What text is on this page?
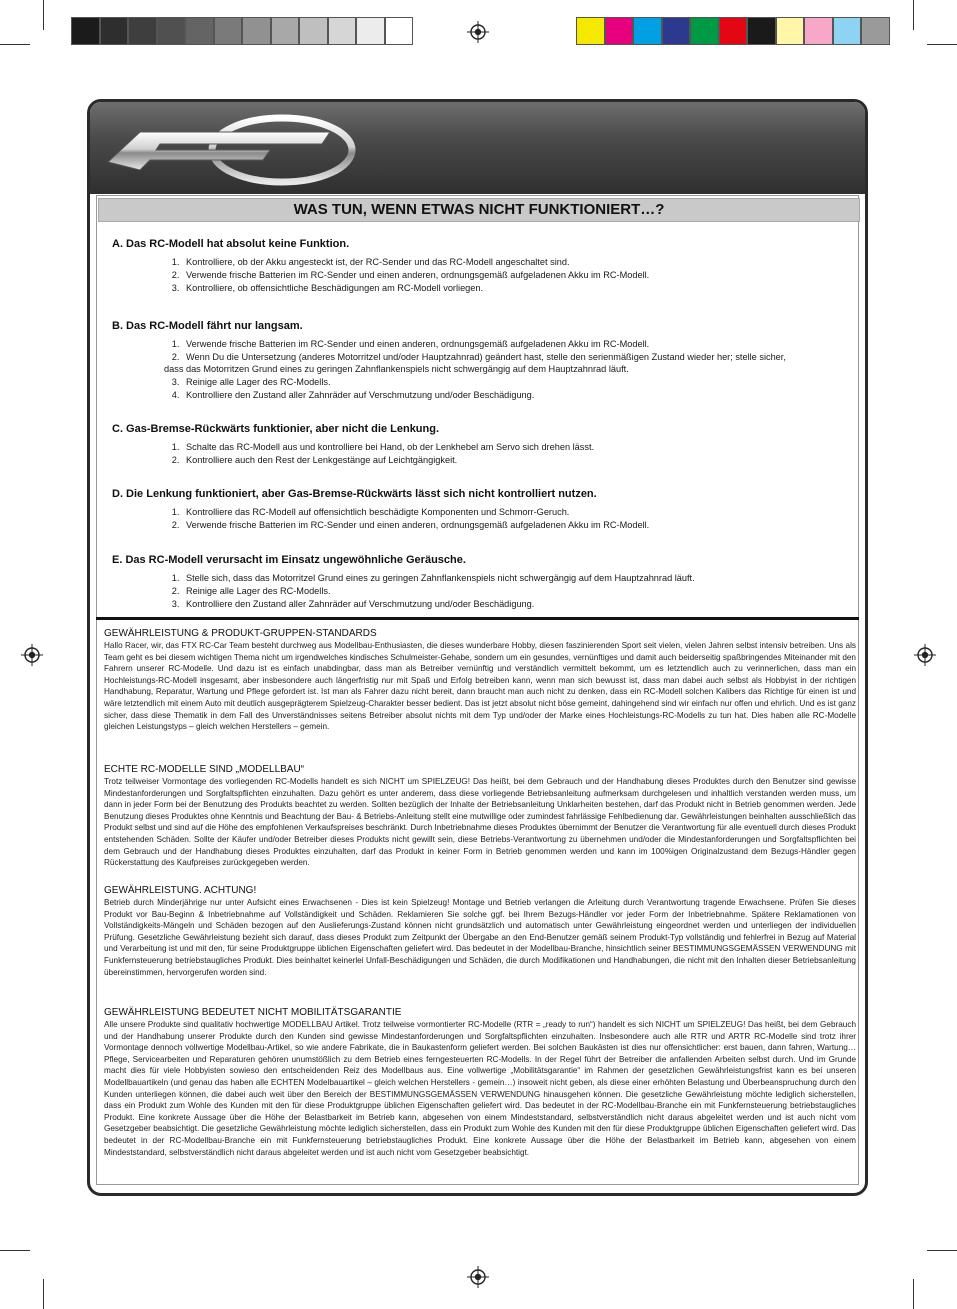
WAS TUN, WENN ETWAS NICHT FUNKTIONIERT…?
A. Das RC-Modell hat absolut keine Funktion.
1. Kontrolliere, ob der Akku angesteckt ist, der RC-Sender und das RC-Modell angeschaltet sind.
2. Verwende frische Batterien im RC-Sender und einen anderen, ordnungsgemäß aufgeladenen Akku im RC-Modell.
3. Kontrolliere, ob offensichtliche Beschädigungen am RC-Modell vorliegen.
B. Das RC-Modell fährt nur langsam.
1. Verwende frische Batterien im RC-Sender und einen anderen, ordnungsgemäß aufgeladenen Akku im RC-Modell.
2. Wenn Du die Untersetzung (anderes Motorritzel und/oder Hauptzahnrad) geändert hast, stelle den serienmäßigen Zustand wieder her; stelle sicher,
dass das Motorritzen Grund eines zu geringen Zahnflankenspiels nicht schwergängig auf dem Hauptzahnrad läuft.
3. Reinige alle Lager des RC-Modells.
4. Kontrolliere den Zustand aller Zahnräder auf Verschmutzung und/oder Beschädigung.
C. Gas-Bremse-Rückwärts funktionier, aber nicht die Lenkung.
1. Schalte das RC-Modell aus und kontrolliere bei Hand, ob der Lenkhebel am Servo sich drehen lässt.
2. Kontrolliere auch den Rest der Lenkgestänge auf Leichtgängigkeit.
D. Die Lenkung funktioniert, aber Gas-Bremse-Rückwärts lässt sich nicht kontrolliert nutzen.
1. Kontrolliere das RC-Modell auf offensichtlich beschädigte Komponenten und Schmorr-Geruch.
2. Verwende frische Batterien im RC-Sender und einen anderen, ordnungsgemäß aufgeladenen Akku im RC-Modell.
E. Das RC-Modell verursacht im Einsatz ungewöhnliche Geräusche.
1. Stelle sich, dass das Motorritzel Grund eines zu geringen Zahnflankenspiels nicht schwergängig auf dem Hauptzahnrad läuft.
2. Reinige alle Lager des RC-Modells.
3. Kontrolliere den Zustand aller Zahnräder auf Verschmutzung und/oder Beschädigung.
GEWÄHRLEISTUNG & PRODUKT-GRUPPEN-STANDARDS

Hallo Racer, wir, das FTX RC-Car Team besteht durchweg aus Modellbau-Enthusiasten, die dieses wunderbare Hobby, diesen faszinierenden Sport seit vielen, vielen Jahren selbst intensiv betreiben. Uns als Team geht es bei diesem wichtigen Thema nicht um irgendwelches kindisches Schulmeister-Gehabe, sondern um ein gesundes, vernünftiges und damit auch beiderseitig spaßbringendes Miteinander mit den Fahrern unserer RC-Modelle. Und dazu ist es einfach unabdingbar, dass man als Betreiber vernünftig und verständlich vermittelt bekommt, um es letztendlich auch zu verinnerlichen, dass man ein Hochleistungs-RC-Modell insgesamt, aber insbesondere auch längerfristig nur mit Spaß und Erfolg betreiben kann, wenn man sich bewusst ist, dass man dabei auch selbst als Hobbyist in der richtigen Handhabung, Reparatur, Wartung und Pflege gefordert ist. Ist man als Fahrer dazu nicht bereit, dann braucht man auch nicht zu denken, dass ein RC-Modell solchen Kalibers das Richtige für einen ist und wäre letztendlich mit einem Auto mit deutlich ausgeprägterem Spielzeug-Charakter besser bedient. Das ist jetzt absolut nicht böse gemeint, dahingehend sind wir einfach nur offen und ehrlich. Und es ist ganz sicher, dass diese Thematik in dem Fall des Unverständnisses seitens Betreiber absolut nichts mit dem Typ und/oder der Marke eines Hochleistungs-RC-Modells zu tun hat. Dies haben alle RC-Modelle gleichen Leistungstyps – gleich welchen Herstellers – gemein.

ECHTE RC-MODELLE SIND „MODELLBAU“

Trotz teilweiser Vormontage des vorliegenden RC-Modells handelt es sich NICHT um SPIELZEUG! Das heißt, bei dem Gebrauch und der Handhabung dieses Produktes durch den Benutzer sind gewisse Mindestanforderungen und Sorgfaltspflichten einzuhalten. Dazu gehört es unter anderem, dass diese vorliegende Betriebsanleitung aufmerksam durchgelesen und inhaltlich verstanden werden muss, um dann in jeder Form bei der Benutzung des Produkts beachtet zu werden. Sollten bezüglich der Inhalte der Betriebsanleitung Unklarheiten bestehen, darf das Produkt nicht in Betrieb genommen werden. Jede Benutzung dieses Produktes ohne Kenntnis und Beachtung der Bau- & Betriebs-Anleitung stellt eine mutwillige oder zumindest fahrlässige Fehlbedienung dar. Gewährleistungen beinhalten ausschließlich das Produkt selbst und sind auf die Höhe des empfohlenen Verkaufspreises beschränkt. Durch Inbetriebnahme dieses Produktes übernimmt der Benutzer die Verantwortung für alle eventuell durch dieses Produkt entstehenden Schäden. Sollte der Käufer und/oder Betreiber dieses Produkts nicht gewillt sein, diese Betriebs-Verantwortung zu übernehmen und/oder die Mindestanforderungen und Sorgfaltspflichten bei dem Gebrauch und der Handhabung dieses Produktes einzuhalten, darf das Produkt in keiner Form in Betrieb genommen werden und kann im 100%igen Originalzustand dem Bezugs-Händler gegen Rückerstattung des Kaufpreises zurückgegeben werden.

GEWÄHRLEISTUNG. ACHTUNG!

Betrieb durch Minderjährige nur unter Aufsicht eines Erwachsenen - Dies ist kein Spielzeug! Montage und Betrieb verlangen die Arleitung durch Verantwortung tragende Erwachsene. Prüfen Sie dieses Produkt vor Bau-Beginn & Inbetriebnahme auf Vollständigkeit und Schäden. Reklamieren Sie solche ggf. bei Ihrem Bezugs-Händler vor jeder Form der Inbetriebnahme. Spätere Reklamationen von Vollständigkeits-Mängeln und Schäden bezogen auf den Auslieferungs-Zustand können nicht grundsätzlich und automatisch unter Gewährleistung eingeordnet werden und unterliegen der individuellen Prüfung. Gesetzliche Gewährleistung bezieht sich darauf, dass dieses Produkt zum Zeitpunkt der Übergabe an den End-Benutzer gemäß seinem Produkt-Typ vollständig und fehlerfrei in Bezug auf Material und Verarbeitung ist und mit den, für seine Produktgruppe üblichen Eigenschaften geliefert wird. Das bedeutet in der Modellbau-Branche, hinsichtlich seiner BESTIMMUNGSGEMÄSSEN VERWENDUNG mit Funkfernsteuerung betriebstaugliches Produkt. Dies beinhaltet keinerlei Unfall-Beschädigungen und Schäden, die durch Modifikationen und Handhabungen, die nicht mit den Inhalten dieser Betriebsanleitung übereinstimmen, hervorgerufen worden sind.

GEWÄHRLEISTUNG BEDEUTET NICHT MOBILITÄTSGARANTIE

Alle unsere Produkte sind qualitativ hochwertige MODELLBAU Artikel. Trotz teilweise vormontierter RC-Modelle (RTR = „ready to run“) handelt es sich NICHT um SPIELZEUG! Das heißt, bei dem Gebrauch und der Handhabung unserer Produkte durch den Kunden sind gewisse Mindestanforderungen und Sorgfaltspflichten einzuhalten. Insbesondere auch alle RTR und ARTR RC-Modelle sind trotz ihrer Vormontage dennoch vollwertige Modellbau-Artikel, so wie andere Fabrikate, die in Baukastenform geliefert werden. Bei solchen Baukästen ist dies nur offensichtlicher: erst bauen, dann fahren, Wartung… Pflege, Servicearbeiten und Reparaturen gehören unumstößlich zu dem Betrieb eines ferngesteuerten RC-Modells. In der Regel führt der Betreiber die anfallenden Arbeiten selbst durch. Und im Grunde macht dies für viele Hobbyisten sowieso den entscheidenden Reiz des Modellbaus aus. Eine vollwertige „Mobilitätsgarantie“ im Rahmen der gesetzlichen Gewährleistungsfrist kann es bei unseren Modellbauartikeln (und genau das haben alle ECHTEN Modelbauartikel – gleich welchen Herstellers - gemein…) insoweit nicht geben, als diese einer erhöhten Belastung und Überbeanspruchung durch den Kunden unterliegen können, die dabei auch weit über den Bereich der BESTIMMUNGSGEMÄSSEN VERWENDUNG hinausgehen können. Die gesetzliche Gewährleistung möchte lediglich sicherstellen, dass ein Produkt zum Wohle des Kunden mit den für diese Produktgruppe üblichen Eigenschaften geliefert wird. Das bedeutet in der RC-Modellbau-Branche ein mit Funkfernsteuerung betriebstaugliches Produkt. Eine konkrete Aussage über die Höhe der Belastbarkeit im Betrieb kann, abgesehen von einem Mindeststandard, selbstverständlich nicht daraus abgeleitet werden und ist auch nicht vom Gesetzgeber beabsichtigt. Die gesetzliche Gewährleistung möchte lediglich sicherstellen, dass ein Produkt zum Wohle des Kunden mit den für diese Produktgruppe üblichen Eigenschaften geliefert wird. Das bedeutet in der RC-Modellbau-Branche ein mit Funkfernsteuerung betriebstaugliches Produkt. Eine konkrete Aussage über die Höhe der Belastbarkeit im Betrieb kann, abgesehen von einem Mindeststandard, selbstverständlich nicht daraus abgeleitet werden und ist auch nicht vom Gesetzgeber beabsichtigt.
